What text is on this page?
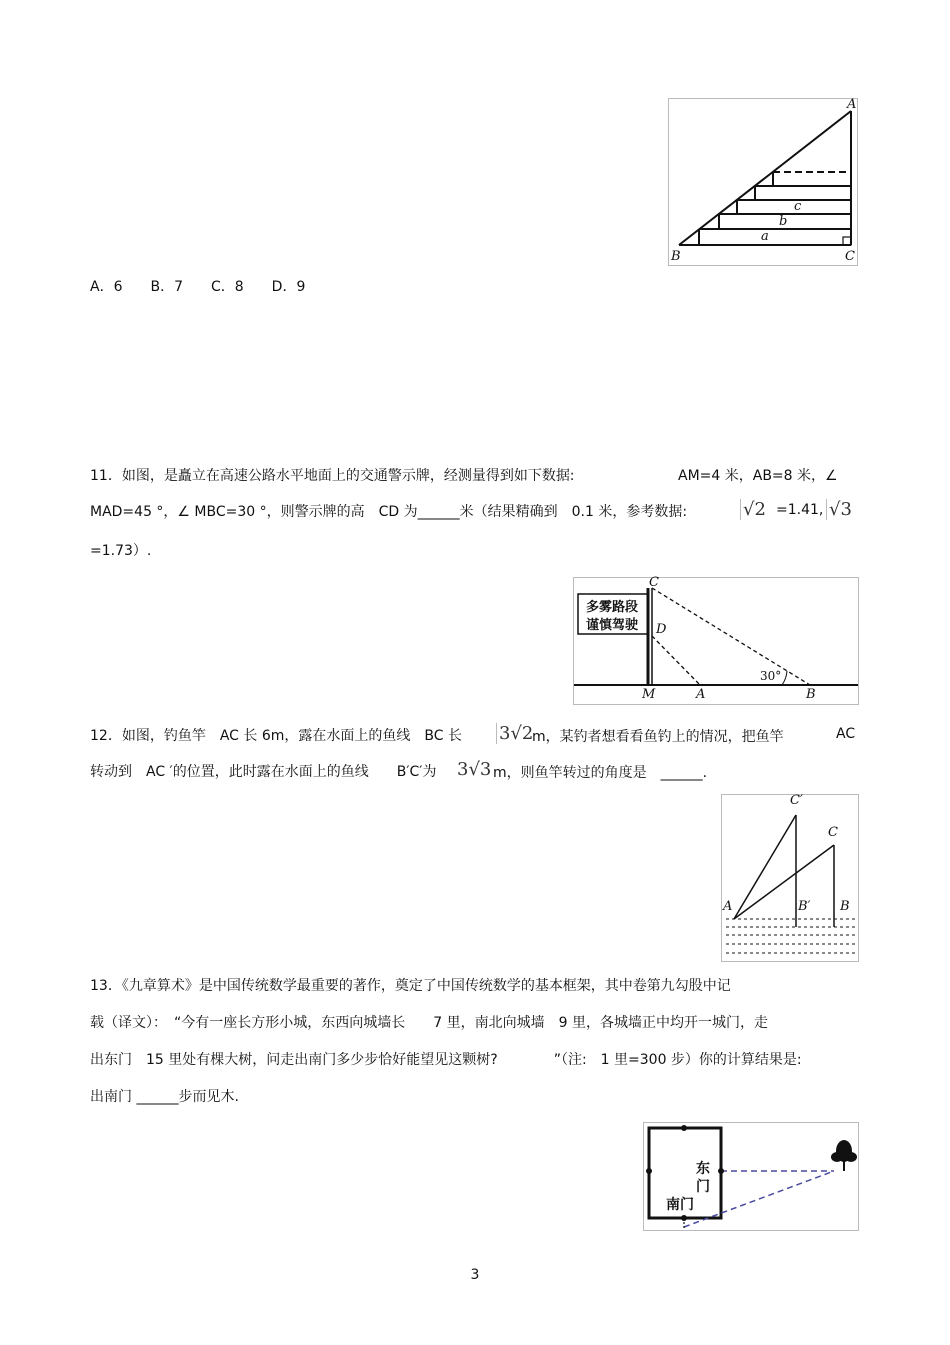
A
B	C
a
b
c
A．6　　B．7　　C．8　　D．9
11．如图，是矗立在高速公路水平地面上的交通警示牌，经测量得到如下数据:	AM=4 米，AB=8 米，∠
MAD=45 °，∠ MBC=30 °，则警示牌的高　CD 为______米（结果精确到　0.1 米，参考数据:	√2 =1.41, √3
=1.73）.
多雾路段
谨慎驾驶
C
D
M	A	B
30°
12．如图，钓鱼竿　AC 长 6m，露在水面上的鱼线　BC 长 3√2
m，某钓者想看看鱼钓上的情况，把鱼竿	AC
转动到　AC ′的位置，此时露在水面上的鱼线　　B′C′为 3√3 m，则鱼竿转过的角度是　______.
C′
C
A	B′ B
13．《九章算术》是中国传统数学最重要的著作，奠定了中国传统数学的基本框架，其中卷第九勾股中记
载（译文）：　“今有一座长方形小城，东西向城墙长　　7 里，南北向城墙　9 里，各城墙正中均开一城门，走
出东门　15 里处有棵大树，问走出南门多少步恰好能望见这颗树?　　　　”（注:　1 里=300 步）你的计算结果是:
出南门 ______步而见木.
东
门
南门
3
